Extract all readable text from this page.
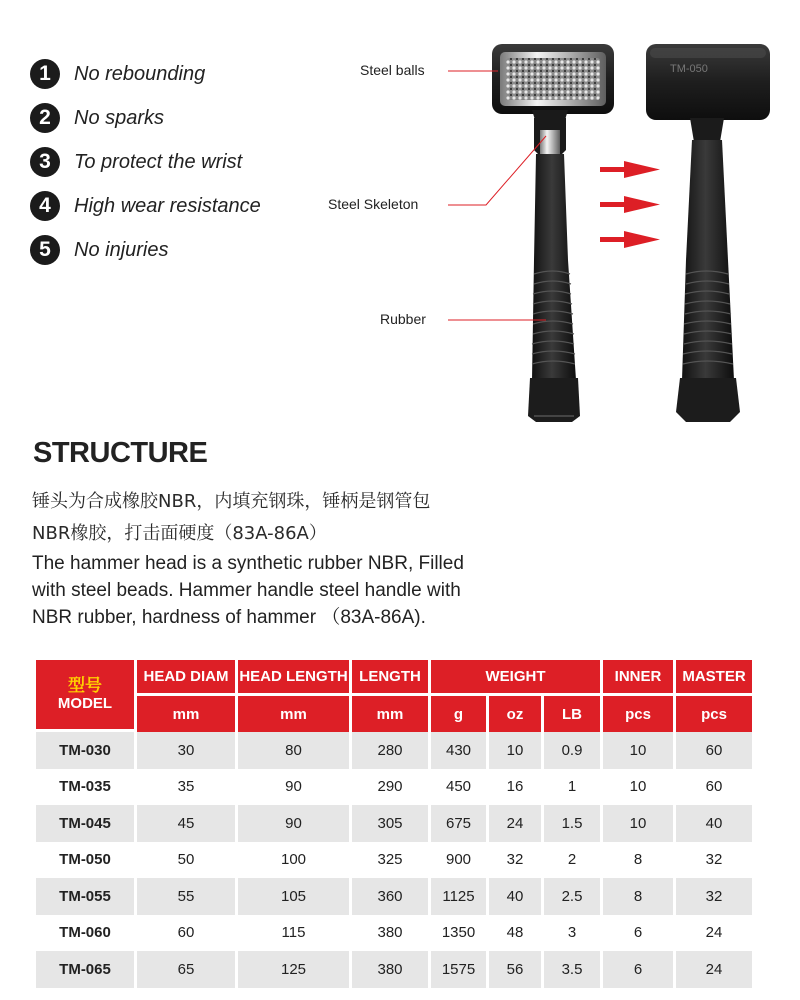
1	No rebounding
2	No sparks
3	To protect the wrist
4	High wear resistance
5	No injuries
TM-050
Steel balls
Steel Skeleton
Rubber
STRUCTURE
锤头为合成橡胶NBR，内填充钢珠，锤柄是钢管包
NBR橡胶，打击面硬度（83A-86A）
The hammer head is a synthetic rubber NBR, Filled with steel beads. Hammer handle steel handle with NBR rubber, hardness of hammer （83A-86A).
型号
MODEL	HEAD DIAM	HEAD LENGTH	LENGTH	WEIGHT			INNER	MASTER
	mm	mm	mm	g	oz	LB	pcs	pcs
TM-030	30	80	280	430	10	0.9	10	60
TM-035	35	90	290	450	16	1	10	60
TM-045	45	90	305	675	24	1.5	10	40
TM-050	50	100	325	900	32	2	8	32
TM-055	55	105	360	1125	40	2.5	8	32
TM-060	60	115	380	1350	48	3	6	24
TM-065	65	125	380	1575	56	3.5	6	24
